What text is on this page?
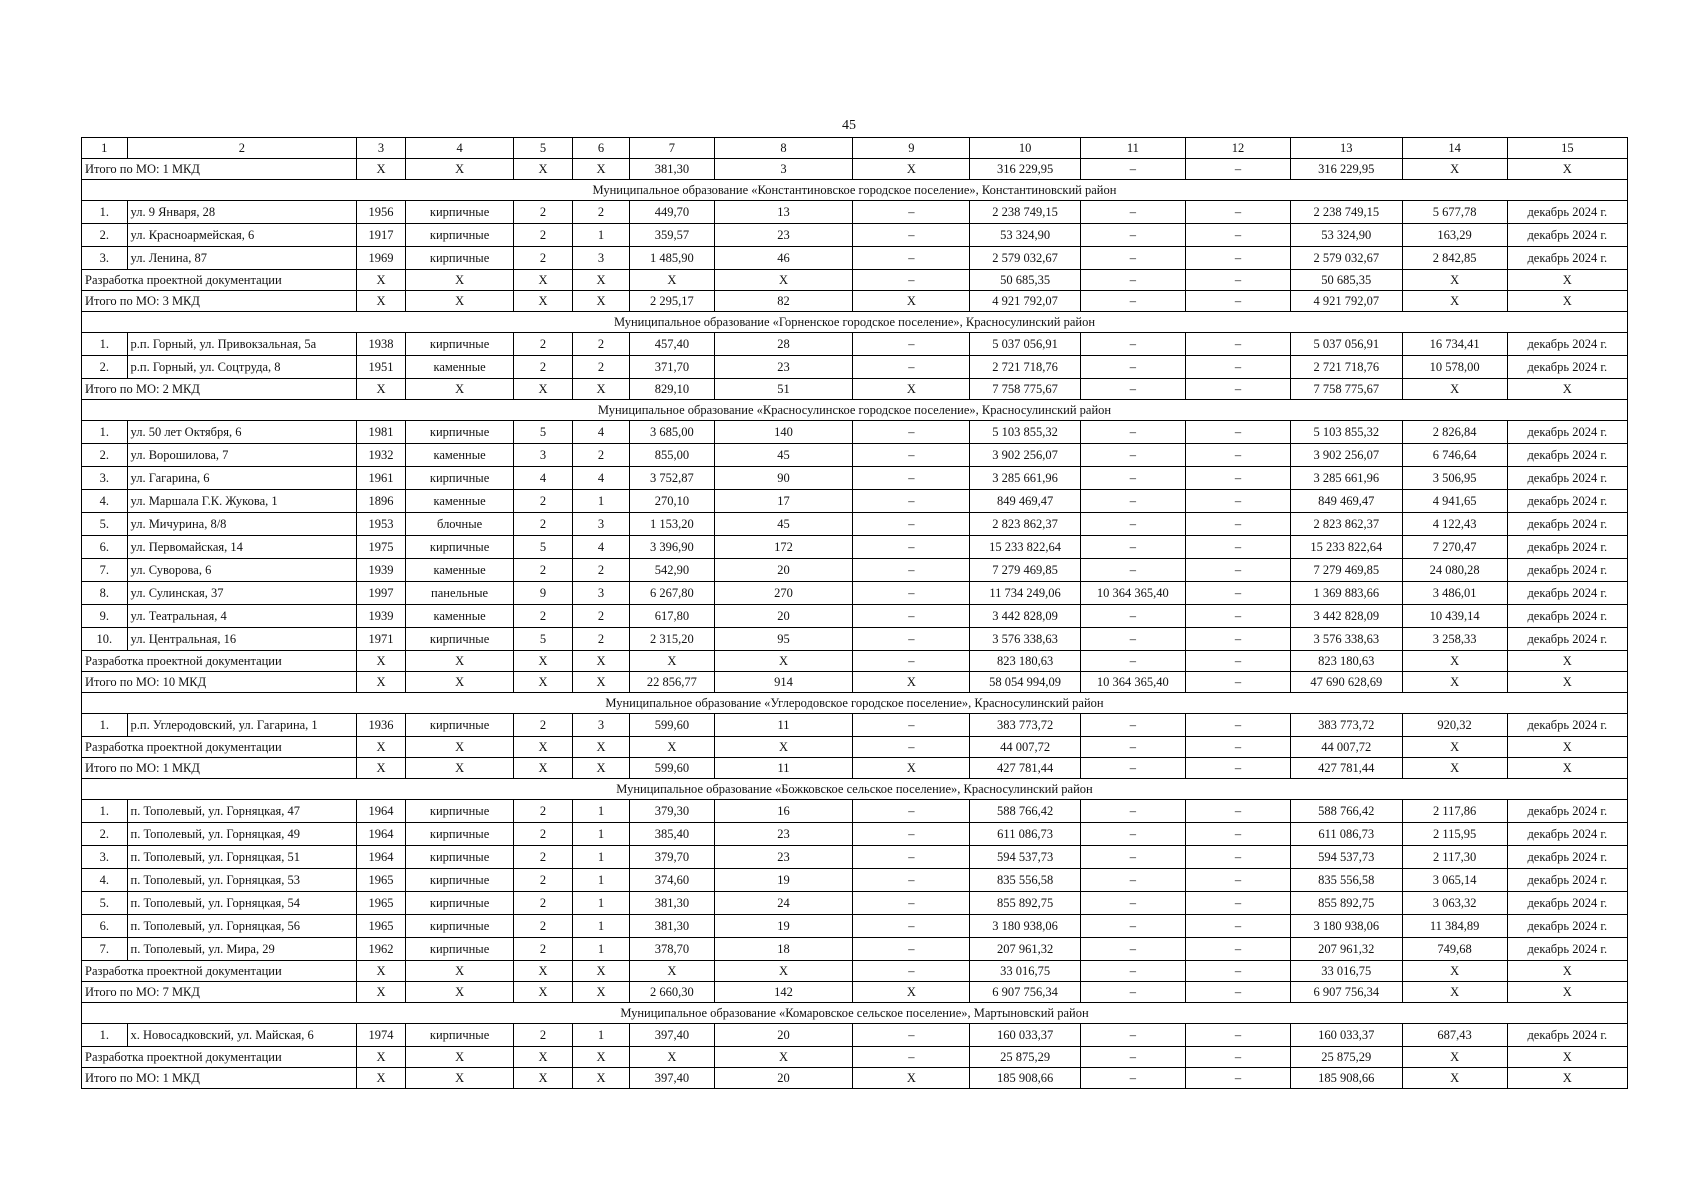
45
1	2	3	4	5	6	7	8	9	10	11	12	13	14	15
Итого по МО: 1 МКД		X	X	X	X	381,30	3	X	316 229,95	–	–	316 229,95	X	X
Муниципальное образование «Константиновское городское поселение», Константиновский район														
1.	ул. 9 Января, 28	1956	кирпичные	2	2	449,70	13	–	2 238 749,15	–	–	2 238 749,15	5 677,78	декабрь 2024 г.
2.	ул. Красноармейская, 6	1917	кирпичные	2	1	359,57	23	–	53 324,90	–	–	53 324,90	163,29	декабрь 2024 г.
3.	ул. Ленина, 87	1969	кирпичные	2	3	1 485,90	46	–	2 579 032,67	–	–	2 579 032,67	2 842,85	декабрь 2024 г.
Разработка проектной документации		X	X	X	X	X	X	–	50 685,35	–	–	50 685,35	X	X
Итого по МО: 3 МКД		X	X	X	X	2 295,17	82	X	4 921 792,07	–	–	4 921 792,07	X	X
Муниципальное образование «Горненское городское поселение», Красносулинский район														
1.	р.п. Горный, ул. Привокзальная, 5а	1938	кирпичные	2	2	457,40	28	–	5 037 056,91	–	–	5 037 056,91	16 734,41	декабрь 2024 г.
2.	р.п. Горный, ул. Соцтруда, 8	1951	каменные	2	2	371,70	23	–	2 721 718,76	–	–	2 721 718,76	10 578,00	декабрь 2024 г.
Итого по МО: 2 МКД		X	X	X	X	829,10	51	X	7 758 775,67	–	–	7 758 775,67	X	X
Муниципальное образование «Красносулинское городское поселение», Красносулинский район														
1.	ул. 50 лет Октября, 6	1981	кирпичные	5	4	3 685,00	140	–	5 103 855,32	–	–	5 103 855,32	2 826,84	декабрь 2024 г.
2.	ул. Ворошилова, 7	1932	каменные	3	2	855,00	45	–	3 902 256,07	–	–	3 902 256,07	6 746,64	декабрь 2024 г.
3.	ул. Гагарина, 6	1961	кирпичные	4	4	3 752,87	90	–	3 285 661,96	–	–	3 285 661,96	3 506,95	декабрь 2024 г.
4.	ул. Маршала Г.К. Жукова, 1	1896	каменные	2	1	270,10	17	–	849 469,47	–	–	849 469,47	4 941,65	декабрь 2024 г.
5.	ул. Мичурина, 8/8	1953	блочные	2	3	1 153,20	45	–	2 823 862,37	–	–	2 823 862,37	4 122,43	декабрь 2024 г.
6.	ул. Первомайская, 14	1975	кирпичные	5	4	3 396,90	172	–	15 233 822,64	–	–	15 233 822,64	7 270,47	декабрь 2024 г.
7.	ул. Суворова, 6	1939	каменные	2	2	542,90	20	–	7 279 469,85	–	–	7 279 469,85	24 080,28	декабрь 2024 г.
8.	ул. Сулинская, 37	1997	панельные	9	3	6 267,80	270	–	11 734 249,06	10 364 365,40	–	1 369 883,66	3 486,01	декабрь 2024 г.
9.	ул. Театральная, 4	1939	каменные	2	2	617,80	20	–	3 442 828,09	–	–	3 442 828,09	10 439,14	декабрь 2024 г.
10.	ул. Центральная, 16	1971	кирпичные	5	2	2 315,20	95	–	3 576 338,63	–	–	3 576 338,63	3 258,33	декабрь 2024 г.
Разработка проектной документации		X	X	X	X	X	X	–	823 180,63	–	–	823 180,63	X	X
Итого по МО: 10 МКД		X	X	X	X	22 856,77	914	X	58 054 994,09	10 364 365,40	–	47 690 628,69	X	X
Муниципальное образование «Углеродовское городское поселение», Красносулинский район														
1.	р.п. Углеродовский, ул. Гагарина, 1	1936	кирпичные	2	3	599,60	11	–	383 773,72	–	–	383 773,72	920,32	декабрь 2024 г.
Разработка проектной документации		X	X	X	X	X	X	–	44 007,72	–	–	44 007,72	X	X
Итого по МО: 1 МКД		X	X	X	X	599,60	11	X	427 781,44	–	–	427 781,44	X	X
Муниципальное образование «Божковское сельское поселение», Красносулинский район														
1.	п. Тополевый, ул. Горняцкая, 47	1964	кирпичные	2	1	379,30	16	–	588 766,42	–	–	588 766,42	2 117,86	декабрь 2024 г.
2.	п. Тополевый, ул. Горняцкая, 49	1964	кирпичные	2	1	385,40	23	–	611 086,73	–	–	611 086,73	2 115,95	декабрь 2024 г.
3.	п. Тополевый, ул. Горняцкая, 51	1964	кирпичные	2	1	379,70	23	–	594 537,73	–	–	594 537,73	2 117,30	декабрь 2024 г.
4.	п. Тополевый, ул. Горняцкая, 53	1965	кирпичные	2	1	374,60	19	–	835 556,58	–	–	835 556,58	3 065,14	декабрь 2024 г.
5.	п. Тополевый, ул. Горняцкая, 54	1965	кирпичные	2	1	381,30	24	–	855 892,75	–	–	855 892,75	3 063,32	декабрь 2024 г.
6.	п. Тополевый, ул. Горняцкая, 56	1965	кирпичные	2	1	381,30	19	–	3 180 938,06	–	–	3 180 938,06	11 384,89	декабрь 2024 г.
7.	п. Тополевый, ул. Мира, 29	1962	кирпичные	2	1	378,70	18	–	207 961,32	–	–	207 961,32	749,68	декабрь 2024 г.
Разработка проектной документации		X	X	X	X	X	X	–	33 016,75	–	–	33 016,75	X	X
Итого по МО: 7 МКД		X	X	X	X	2 660,30	142	X	6 907 756,34	–	–	6 907 756,34	X	X
Муниципальное образование «Комаровское сельское поселение», Мартыновский район														
1.	х. Новосадковский, ул. Майская, 6	1974	кирпичные	2	1	397,40	20	–	160 033,37	–	–	160 033,37	687,43	декабрь 2024 г.
Разработка проектной документации		X	X	X	X	X	X	–	25 875,29	–	–	25 875,29	X	X
Итого по МО: 1 МКД		X	X	X	X	397,40	20	X	185 908,66	–	–	185 908,66	X	X
